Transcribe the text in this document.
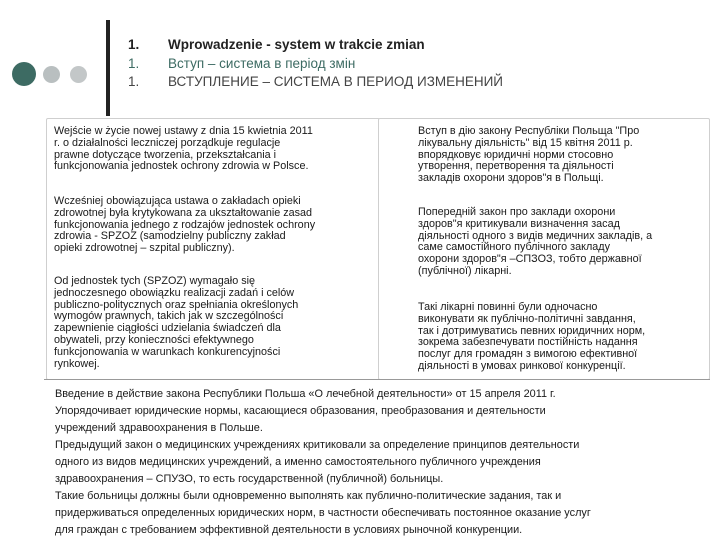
1.	Wprowadzenie - system w trakcie zmian
1.	Вступ – система в період змін
1.	ВСТУПЛЕНИЕ – СИСТЕМА В ПЕРИОД ИЗМЕНЕНИЙ
Wejście w życie nowej ustawy z dnia 15 kwietnia 2011
r. o działalności leczniczej porządkuje regulacje
prawne dotyczące tworzenia, przekształcania i
funkcjonowania jednostek ochrony zdrowia w Polsce.
Wcześniej obowiązująca ustawa o zakładach opieki
zdrowotnej była krytykowana za ukształtowanie zasad
funkcjonowania jednego z rodzajów jednostek ochrony
zdrowia - SPZOZ (samodzielny publiczny zakład
opieki zdrowotnej – szpital publiczny).
Od jednostek tych (SPZOZ) wymagało się
jednoczesnego obowiązku realizacji zadań i celów
publiczno-politycznych oraz spełniania określonych
wymogów prawnych, takich jak w szczególności
zapewnienie ciągłości udzielania świadczeń dla
obywateli, przy konieczności efektywnego
funkcjonowania w warunkach konkurencyjności
rynkowej.
Вступ в дію закону Республіки Польща "Про
лікувальну діяльність" від 15 квітня 2011 р.
впорядковує юридичні норми стосовно
утворення, перетворення та діяльності
закладів охорони здоров"я в Польщі.
Попередній закон про заклади охорони
здоров"я критикували визначення засад
діяльності одного з видів медичних закладів, а
саме самостійного публічного закладу
охорони здоров"я –СПЗОЗ, тобто державної
(публічної) лікарні.
Такі лікарні повинні були одночасно
виконувати як публічно-політичні завдання,
так і дотримуватись певних юридичних норм,
зокрема забезпечувати постійність надання
послуг для громадян з вимогою ефективної
діяльності в умовах ринкової конкуренції.
Введение в действие закона Республики Польша «О лечебной деятельности» от 15 апреля 2011 г.
Упорядочивает юридические нормы, касающиеся образования, преобразования и деятельности
учреждений здравоохранения в Польше.
Предыдущий закон о медицинских учреждениях критиковали за определение принципов деятельности
одного из видов медицинских учреждений, а именно самостоятельного публичного учреждения
здравоохранения – СПУЗО, то есть государственной (публичной) больницы.
Такие больницы должны были одновременно выполнять как публично-политические задания, так и
придерживаться определенных юридических норм, в частности обеспечивать постоянное оказание услуг
для граждан с требованием эффективной деятельности в условиях рыночной конкуренции.
